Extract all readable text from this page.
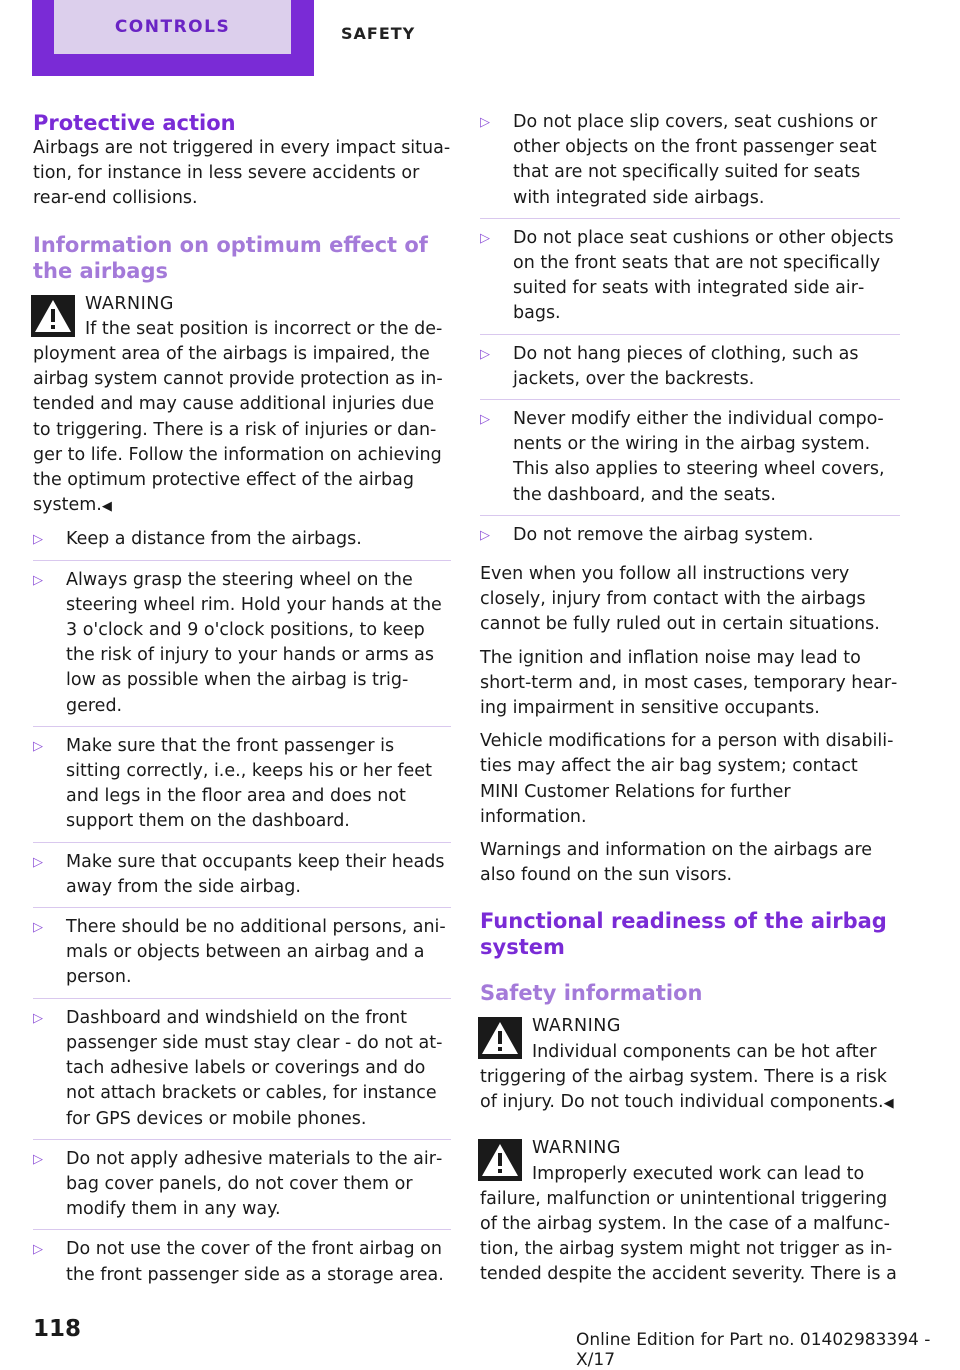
CONTROLS	SAFETY
Protective action

Airbags are not triggered in every impact situation, for instance in less severe accidents or rear-end collisions.

Information on optimum effect of the airbags

WARNING

If the seat position is incorrect or the deployment area of the airbags is impaired, the airbag system cannot provide protection as intended and may cause additional injuries due to triggering. There is a risk of injuries or danger to life. Follow the information on achieving the optimum protective effect of the airbag system.◀

▷ Keep a distance from the airbags.
▷ Always grasp the steering wheel on the steering wheel rim. Hold your hands at the 3 o'clock and 9 o'clock positions, to keep the risk of injury to your hands or arms as low as possible when the airbag is triggered.
▷ Make sure that the front passenger is sitting correctly, i.e., keeps his or her feet and legs in the floor area and does not support them on the dashboard.
▷ Make sure that occupants keep their heads away from the side airbag.
▷ There should be no additional persons, animals or objects between an airbag and a person.
▷ Dashboard and windshield on the front passenger side must stay clear - do not attach adhesive labels or coverings and do not attach brackets or cables, for instance for GPS devices or mobile phones.
▷ Do not apply adhesive materials to the airbag cover panels, do not cover them or modify them in any way.
▷ Do not use the cover of the front airbag on the front passenger side as a storage area.
▷ Do not place slip covers, seat cushions or other objects on the front passenger seat that are not specifically suited for seats with integrated side airbags.
▷ Do not place seat cushions or other objects on the front seats that are not specifically suited for seats with integrated side airbags.
▷ Do not hang pieces of clothing, such as jackets, over the backrests.
▷ Never modify either the individual components or the wiring in the airbag system. This also applies to steering wheel covers, the dashboard, and the seats.
▷ Do not remove the airbag system.

Even when you follow all instructions very closely, injury from contact with the airbags cannot be fully ruled out in certain situations.

The ignition and inflation noise may lead to short-term and, in most cases, temporary hearing impairment in sensitive occupants.

Vehicle modifications for a person with disabilities may affect the air bag system; contact MINI Customer Relations for further information.

Warnings and information on the airbags are also found on the sun visors.

Functional readiness of the airbag system
Safety information

WARNING

Individual components can be hot after triggering of the airbag system. There is a risk of injury. Do not touch individual components.◀

WARNING

Improperly executed work can lead to failure, malfunction or unintentional triggering of the airbag system. In the case of a malfunction, the airbag system might not trigger as intended despite the accident severity. There is a

118	Online Edition for Part no. 01402983394 - X/17
